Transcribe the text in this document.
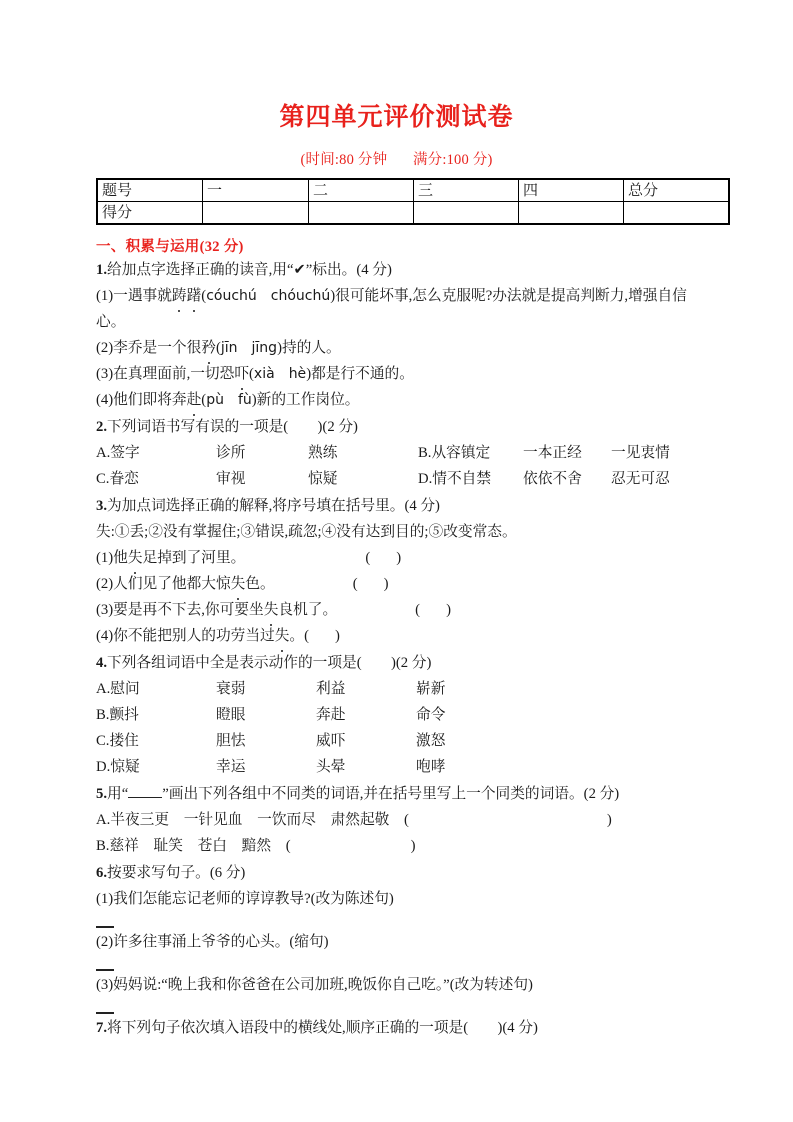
第四单元评价测试卷
(时间:80 分钟 满分:100 分)
题号	一	二	三	四	总分
得分					
一、积累与运用(32 分)
1.给加点字选择正确的读音,用“✔”标出。(4 分)
(1)一遇事就踌躇(cóuchú chóuchú)很可能坏事,怎么克服呢?办法就是提高判断力,增强自信心。
(2)李乔是一个很矜(jīn jīng)持的人。
(3)在真理面前,一切恐吓(xià hè)都是行不通的。
(4)他们即将奔赴(pù fù)新的工作岗位。
2.下列词语书写有误的一项是(  )(2 分)
A.签字	诊所	熟练	B.从容镇定 一本正经 一见衷情
C.眷恋	审视	惊疑	D.情不自禁 依依不舍 忍无可忍
3.为加点词选择正确的解释,将序号填在括号里。(4 分)
失:①丢;②没有掌握住;③错误,疏忽;④没有达到目的;⑤改变常态。
(1)他失足掉到了河里。	( )
(2)人们见了他都大惊失色。	( )
(3)要是再不下去,你可要坐失良机了。	( )
(4)你不能把别人的功劳当过失。( )
4.下列各组词语中全是表示动作的一项是(  )(2 分)
A.慰问	衰弱	利益	崭新
B.颤抖	瞪眼	奔赴	命令
C.搂住	胆怯	威吓	激怒
D.惊疑	幸运	头晕	咆哮
5.用“ ”画出下列各组中不同类的词语,并在括号里写上一个同类的词语。(2 分)
A.半夜三更 一针见血 一饮而尽 肃然起敬 (	)
B.慈祥 耻笑 苍白 黯然 (	)
6.按要求写句子。(6 分)
(1)我们怎能忘记老师的谆谆教导?(改为陈述句)
(2)许多往事涌上爷爷的心头。(缩句)
(3)妈妈说:“晚上我和你爸爸在公司加班,晚饭你自己吃。”(改为转述句)
7.将下列句子依次填入语段中的横线处,顺序正确的一项是(  )(4 分)
